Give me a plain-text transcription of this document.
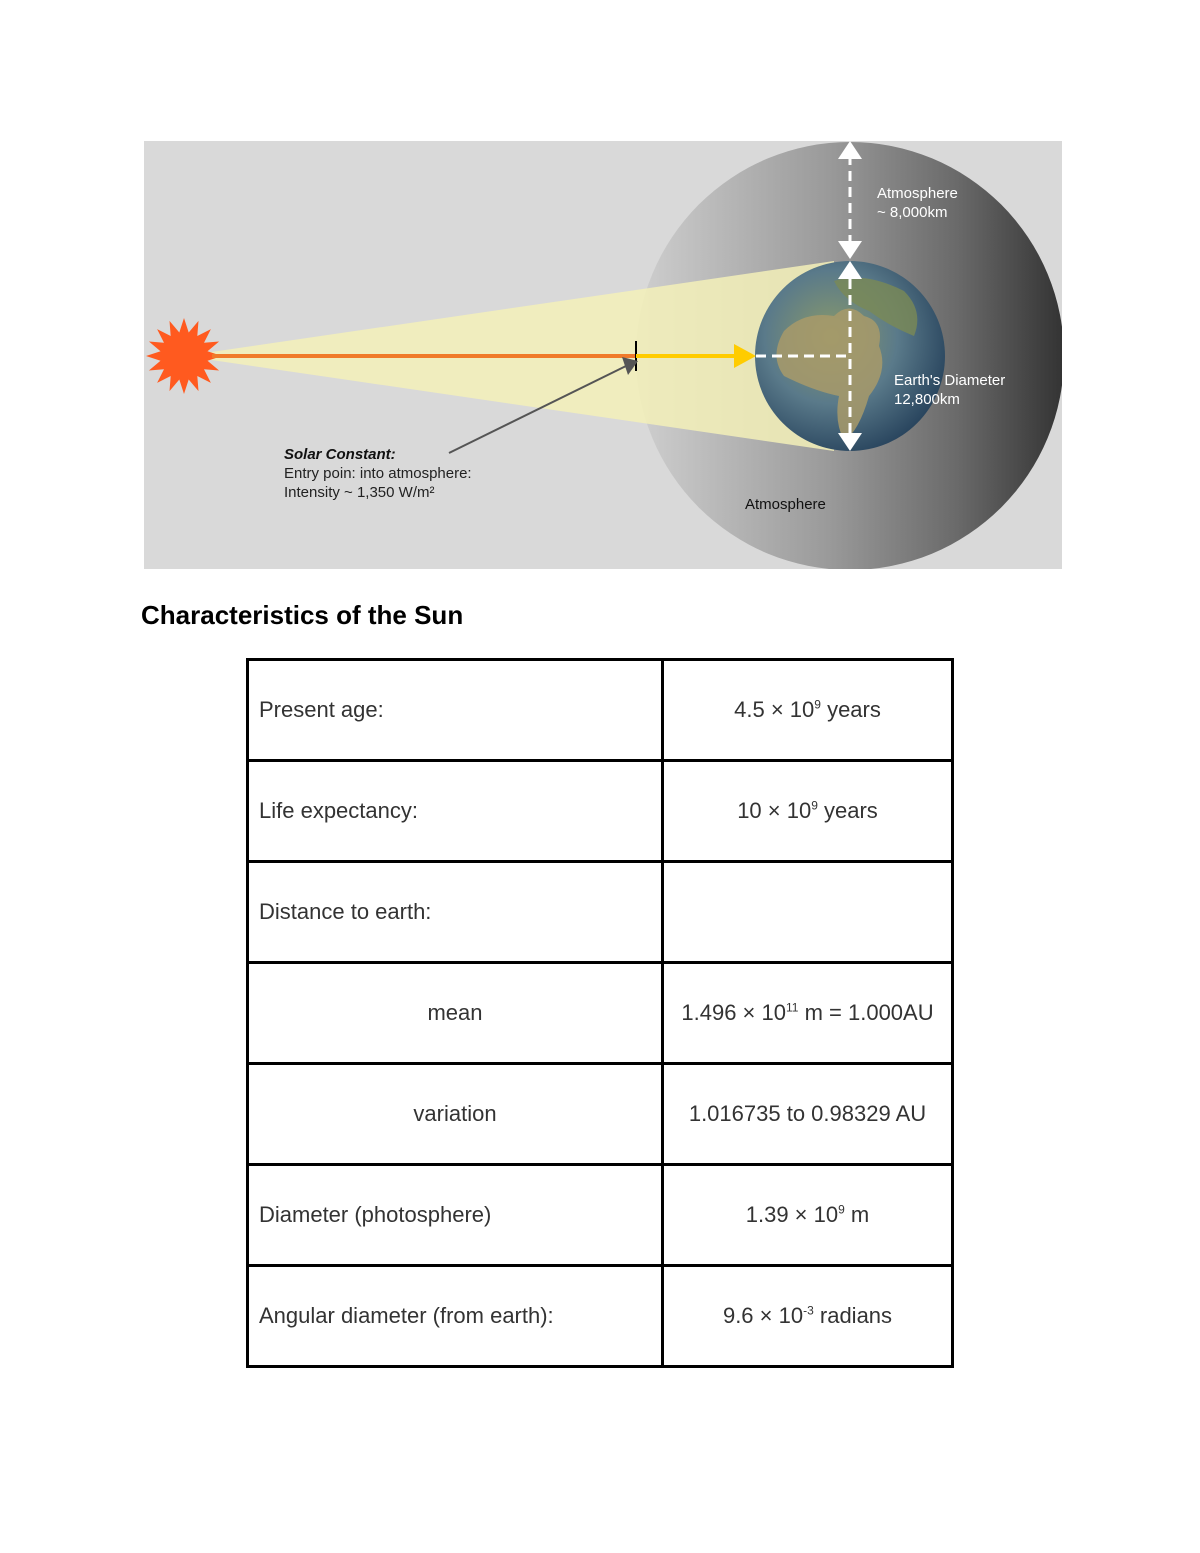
Atmosphere
~ 8,000km
Earth's Diameter
12,800km
Atmosphere
Solar Constant:
Entry poin: into atmosphere:
Intensity ~ 1,350 W/m²
Characteristics of the Sun
Present age:	$4.5 \times 10^9$ years
Life expectancy:	$10 \times 10^9$ years
Distance to earth:	
mean	$1.496 \times 10^{11}$ m = 1.000AU
variation	1.016735 to 0.98329 AU
Diameter (photosphere)	$1.39 \times 10^9$ m
Angular diameter (from earth):	$9.6 \times 10^{-3}$ radians
